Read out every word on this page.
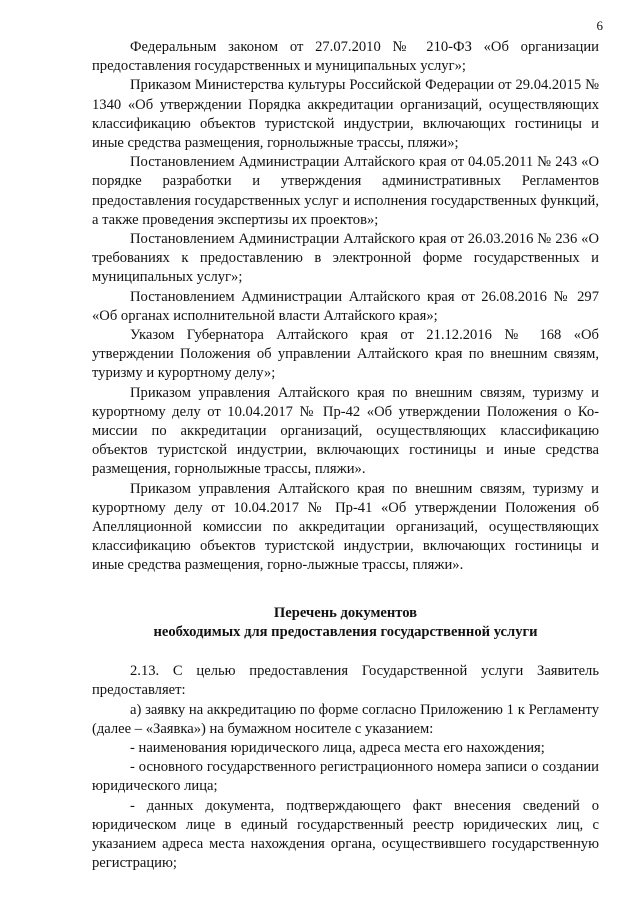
6

Федеральным законом от 27.07.2010 № 210-ФЗ «Об организации предоставления государственных и муниципальных услуг»;

Приказом Министерства культуры Российской Федерации от 29.04.2015 № 1340 «Об утверждении Порядка аккредитации организаций, осуществляющих классификацию объектов туристской индустрии, включающих гостиницы и иные средства размещения, горнолыжные трассы, пляжи»;

Постановлением Администрации Алтайского края от 04.05.2011 № 243 «О порядке разработки и утверждения административных Регламентов предоставления государственных услуг и исполнения государственных функций, а также проведения экспертизы их проектов»;

Постановлением Администрации Алтайского края от 26.03.2016 № 236 «О требованиях к предоставлению в электронной форме государственных и муниципальных услуг»;

Постановлением Администрации Алтайского края от 26.08.2016 № 297 «Об органах исполнительной власти Алтайского края»;

Указом Губернатора Алтайского края от 21.12.2016 № 168 «Об утверждении Положения об управлении Алтайского края по внешним связям, туризму и курортному делу»;

Приказом управления Алтайского края по внешним связям, туризму и курортному делу от 10.04.2017 № Пр-42 «Об утверждении Положения о Ко-миссии по аккредитации организаций, осуществляющих классификацию объектов туристской индустрии, включающих гостиницы и иные средства размещения, горнолыжные трассы, пляжи».

Приказом управления Алтайского края по внешним связям, туризму и курортному делу от 10.04.2017 № Пр-41 «Об утверждении Положения об Апелляционной комиссии по аккредитации организаций, осуществляющих классификацию объектов туристской индустрии, включающих гостиницы и иные средства размещения, горно-лыжные трассы, пляжи».

Перечень документов

необходимых для предоставления государственной услуги

2.13. С целью предоставления Государственной услуги Заявитель предоставляет:

а) заявку на аккредитацию по форме согласно Приложению 1 к Регламенту (далее – «Заявка») на бумажном носителе с указанием:

- наименования юридического лица, адреса места его нахождения;

- основного государственного регистрационного номера записи о создании юридического лица;

- данных документа, подтверждающего факт внесения сведений о юридическом лице в единый государственный реестр юридических лиц, с указанием адреса места нахождения органа, осуществившего государственную регистрацию;
